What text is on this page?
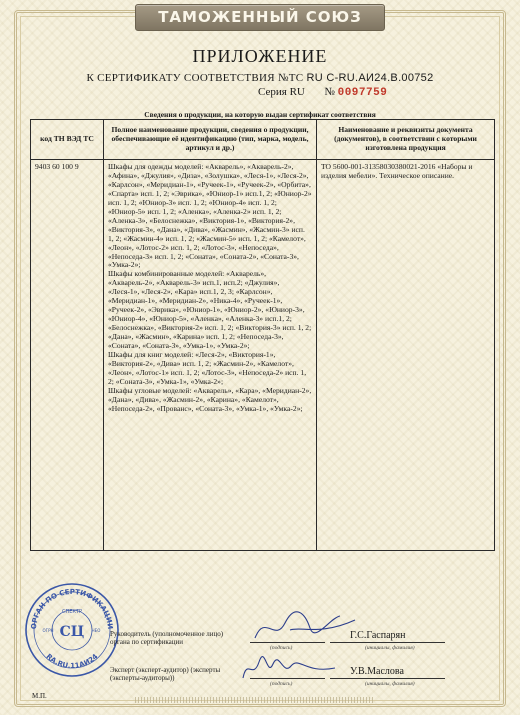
ТАМОЖЕННЫЙ СОЮЗ
ПРИЛОЖЕНИЕ
К СЕРТИФИКАТУ СООТВЕТСТВИЯ №ТС RU C-RU.АИ24.В.00752
Серия RU № 0097759
Сведения о продукции, на которую выдан сертификат соответствия
код ТН ВЭД ТС	Полное наименование продукции, сведения о продукции, обеспечивающие её идентификацию (тип, марка, модель, артикул и др.)	Наименование и реквизиты документа (документов), в соответствии с которыми изготовлена продукция
9403 60 100 9	Шкафы для одежды моделей: «Акварель», «Акварель-2», «Афина», «Джулия», «Диза», «Золушка», «Леся-1», «Леся-2», «Карлсон», «Меридиан-1», «Ручеек-1», «Ручеек-2», «Орбита», «Спарта» исп. 1, 2; «Эврика», «Юниор-1» исп.1, 2; «Юниор-2» исп. 1, 2; «Юниор-3» исп. 1, 2; «Юниор-4» исп. 1, 2; «Юниор-5» исп. 1, 2; «Аленка», «Аленка-2» исп. 1, 2; «Аленка-3», «Белоснежка», «Виктория-1», «Виктория-2», «Виктория-3», «Дана», «Дива», «Жасмин», «Жасмин-3» исп. 1, 2; «Жасмин-4» исп. 1, 2; «Жасмин-5» исп. 1, 2; «Камелот», «Леон», «Лотос-2» исп. 1, 2; «Лотос-3», «Непоседа», «Непоседа-3» исп. 1, 2; «Соната», «Соната-2», «Соната-3», «Умка-2»;
Шкафы комбинированные моделей: «Акварель», «Акварель-2», «Акварель-3» исп.1, исп.2; «Джулия», «Леся-1», «Леся-2», «Кара» исп.1, 2, 3; «Карлсон», «Меридиан-1», «Меридиан-2», «Ника-4», «Ручеек-1», «Ручеек-2», «Эврика», «Юниор-1», «Юниор-2», «Юниор-3», «Юниор-4», «Юниор-5», «Аленка», «Аленка-3» исп.1, 2; «Белоснежка», «Виктория-2» исп. 1, 2; «Виктория-3» исп. 1, 2; «Дана», «Жасмин», «Карина» исп. 1, 2; «Непоседа-3», «Соната», «Соната-3», «Умка-1», «Умка-2»;
Шкафы для книг моделей: «Леся-2», «Виктория-1», «Виктория-2», «Дива» исп. 1, 2; «Жасмин-2», «Камелот», «Леон», «Лотос-1» исп. 1, 2; «Лотос-3», «Непоседа-2» исп. 1, 2; «Соната-3», «Умка-1», «Умка-2»;
Шкафы угловые моделей: «Акварель», «Кара», «Меридиан-2», «Дана», «Дива», «Жасмин-2», «Карина», «Камелот», «Непоседа-2», «Прованс», «Соната-3», «Умка-1», «Умка-2»;	ТО 5600-001-31358030380021-2016 «Наборы и изделия мебели». Техническое описание.
ОРГАН ПО СЕРТИФИКАЦИИ
RA.RU.11АИ24
СПЕКТР
СЦ
ОГРН	НЕО Руководитель (уполномоченное лицо) органа по сертификации
(подпись)
Г.С.Гаспарян
(инициалы, фамилия)
Эксперт (эксперт-аудитор) (эксперты (эксперты-аудиторы))
(подпись)
У.В.Маслова
(инициалы, фамилия)
М.П.
